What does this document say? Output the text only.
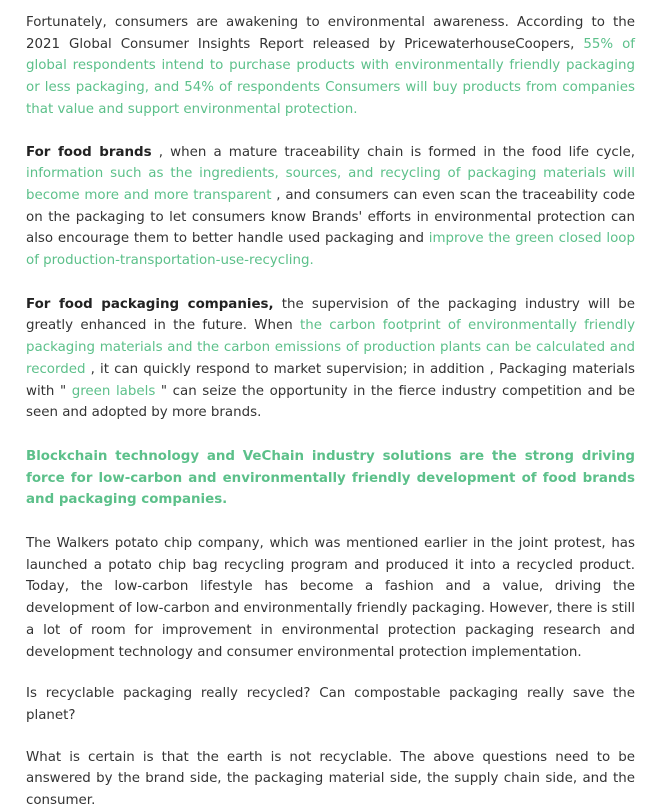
Fortunately, consumers are awakening to environmental awareness. According to the 2021 Global Consumer Insights Report released by PricewaterhouseCoopers, 55% of global respondents intend to purchase products with environmentally friendly packaging or less packaging, and 54% of respondents Consumers will buy products from companies that value and support environmental protection.

For food brands , when a mature traceability chain is formed in the food life cycle, information such as the ingredients, sources, and recycling of packaging materials will become more and more transparent , and consumers can even scan the traceability code on the packaging to let consumers know Brands' efforts in environmental protection can also encourage them to better handle used packaging and improve the green closed loop of production-transportation-use-recycling.

For food packaging companies, the supervision of the packaging industry will be greatly enhanced in the future. When the carbon footprint of environmentally friendly packaging materials and the carbon emissions of production plants can be calculated and recorded , it can quickly respond to market supervision; in addition , Packaging materials with " green labels " can seize the opportunity in the fierce industry competition and be seen and adopted by more brands.

Blockchain technology and VeChain industry solutions are the strong driving force for low-carbon and environmentally friendly development of food brands and packaging companies.

The Walkers potato chip company, which was mentioned earlier in the joint protest, has launched a potato chip bag recycling program and produced it into a recycled product. Today, the low-carbon lifestyle has become a fashion and a value, driving the development of low-carbon and environmentally friendly packaging. However, there is still a lot of room for improvement in environmental protection packaging research and development technology and consumer environmental protection implementation.

Is recyclable packaging really recycled? Can compostable packaging really save the planet?

What is certain is that the earth is not recyclable. The above questions need to be answered by the brand side, the packaging material side, the supply chain side, and the consumer.
